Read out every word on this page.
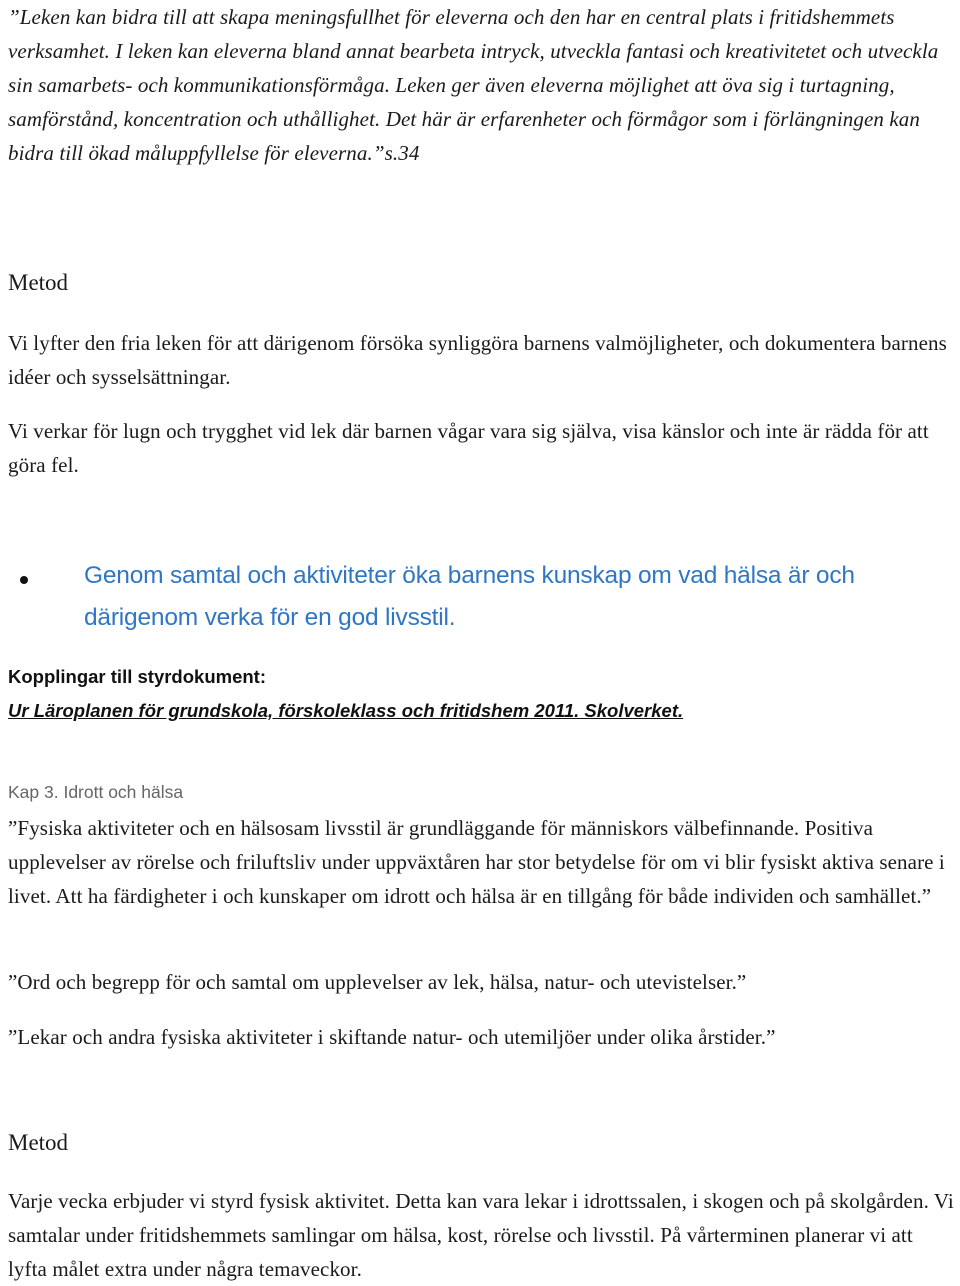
”Leken kan bidra till att skapa meningsfullhet för eleverna och den har en central plats i fritidshemmets verksamhet. I leken kan eleverna bland annat bearbeta intryck, utveckla fantasi och kreativitetet och utveckla sin samarbets- och kommunikationsförmåga. Leken ger även eleverna möjlighet att öva sig i turtagning, samförstånd, koncentration och uthållighet. Det här är erfarenheter och förmågor som i förlängningen kan bidra till ökad måluppfyllelse för eleverna.”s.34

Metod

Vi lyfter den fria leken för att därigenom försöka synliggöra barnens valmöjligheter, och dokumentera barnens idéer och sysselsättningar.

Vi verkar för lugn och trygghet vid lek där barnen vågar vara sig själva, visa känslor och inte är rädda för att göra fel.

Genom samtal och aktiviteter öka barnens kunskap om vad hälsa är och därigenom verka för en god livsstil.

Kopplingar till styrdokument:

Ur Läroplanen för grundskola, förskoleklass och fritidshem 2011. Skolverket.

Kap 3. Idrott och hälsa

”Fysiska aktiviteter och en hälsosam livsstil är grundläggande för människors välbefinnande. Positiva upplevelser av rörelse och friluftsliv under uppväxtåren har stor betydelse för om vi blir fysiskt aktiva senare i livet. Att ha färdigheter i och kunskaper om idrott och hälsa är en tillgång för både individen och samhället.”

”Ord och begrepp för och samtal om upplevelser av lek, hälsa, natur- och utevistelser.”

”Lekar och andra fysiska aktiviteter i skiftande natur- och utemiljöer under olika årstider.”

Metod

Varje vecka erbjuder vi styrd fysisk aktivitet. Detta kan vara lekar i idrottssalen, i skogen och på skolgården. Vi samtalar under fritidshemmets samlingar om hälsa, kost, rörelse och livsstil. På vårterminen planerar vi att lyfta målet extra under några temaveckor.
